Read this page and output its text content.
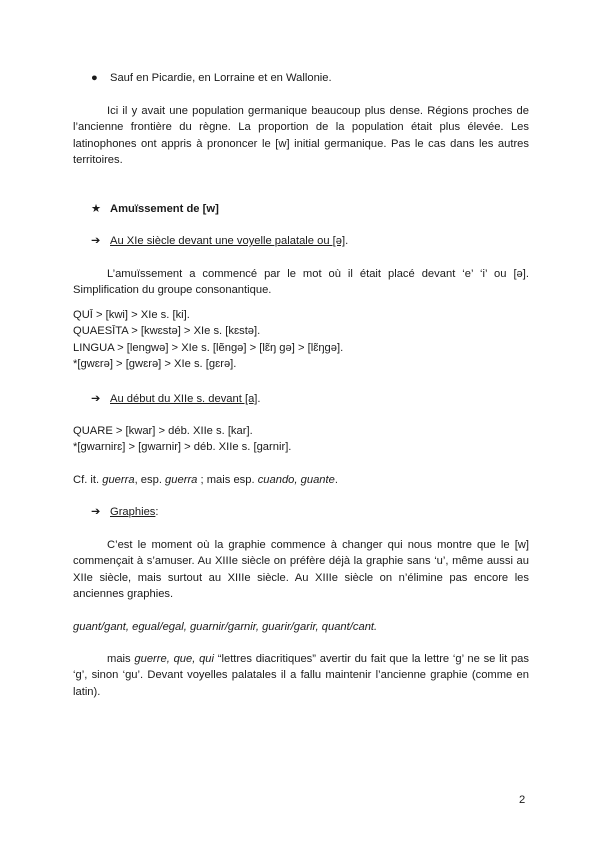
● Sauf en Picardie, en Lorraine et en Wallonie.

Ici il y avait une population germanique beaucoup plus dense. Régions proches de l’ancienne frontière du règne. La proportion de la population était plus élevée. Les latinophones ont appris à prononcer le [w] initial germanique. Pas le cas dans les autres territoires.

★ Amuïssement de [w]

➔ Au XIe siècle devant une voyelle palatale ou [ə].

L’amuïssement a commencé par le mot où il était placé devant ‘e’ ‘i’ ou [ə]. Simplification du groupe consonantique.

QUĪ > [kwi] > XIe s. [ki].
QUAESĪTA > [kwɛstə] > XIe s. [kɛstə].
LINGUA > [lengwə] > XIe s. [lẽngə] > [lɛ̃ŋ gə] > [lɛ̃ŋgə].
*[gwɛrə] > [gwɛrə] > XIe s. [gɛrə].

➔ Au début du XIIe s. devant [a].

QUARE > [kwar] > déb. XIIe s. [kar].
*[gwarnirɛ] > [gwarnir] > déb. XIIe s. [garnir].

Cf. it. guerra, esp. guerra ; mais esp. cuando, guante.

➔ Graphies:

C’est le moment où la graphie commence à changer qui nous montre que le [w] commençait à s’amuser. Au XIIIe siècle on préfère déjà la graphie sans ‘u’, même aussi au XIIe siècle, mais surtout au XIIIe siècle. Au XIIIe siècle on n’élimine pas encore les anciennes graphies.

guant/gant, egual/egal, guarnir/garnir, guarir/garir, quant/cant.

mais guerre, que, qui “lettres diacritiques” avertir du fait que la lettre ‘g’ ne se lit pas ‘g’, sinon ‘gu’. Devant voyelles palatales il a fallu maintenir l’ancienne graphie (comme en latin).

2
